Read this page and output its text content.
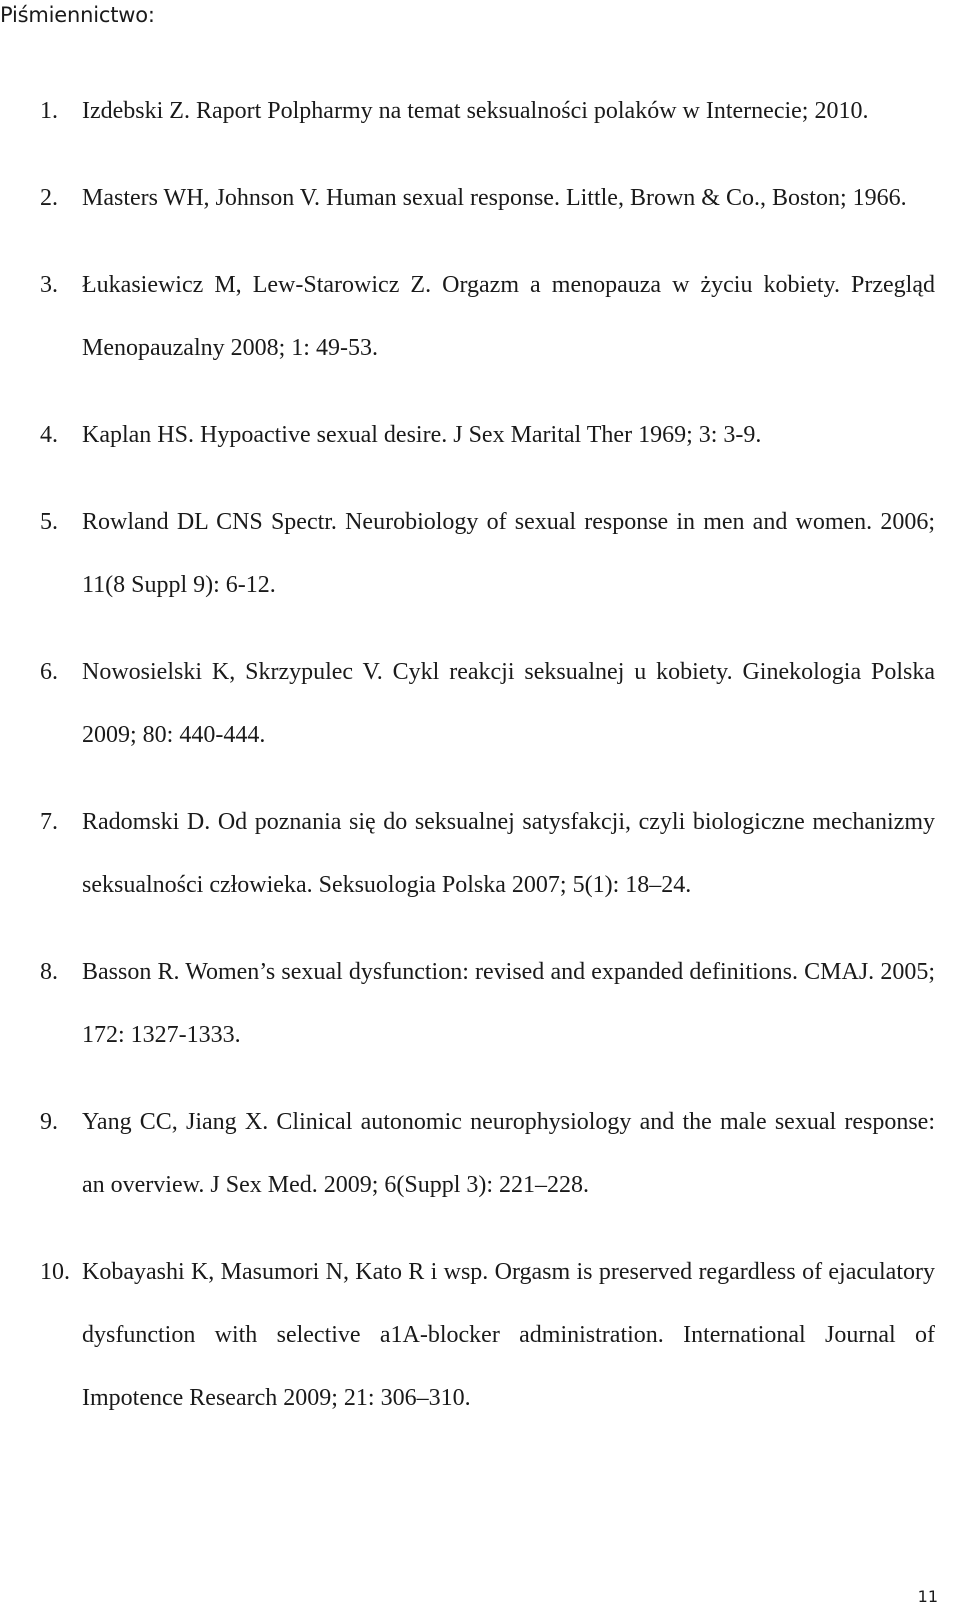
Piśmiennictwo:
1.	Izdebski Z. Raport Polpharmy na temat seksualności polaków w Internecie; 2010.
2.	Masters WH, Johnson V. Human sexual response. Little, Brown & Co., Boston; 1966.
3.	Łukasiewicz M, Lew-Starowicz Z. Orgazm a menopauza w życiu kobiety. Przegląd Menopauzalny 2008; 1: 49-53.
4.	Kaplan HS. Hypoactive sexual desire. J Sex Marital Ther 1969; 3: 3-9.
5.	Rowland DL CNS Spectr. Neurobiology of sexual response in men and women. 2006; 11(8 Suppl 9): 6-12.
6.	Nowosielski K, Skrzypulec V. Cykl reakcji seksualnej u kobiety. Ginekologia Polska 2009; 80: 440-444.
7.	Radomski D. Od poznania się do seksualnej satysfakcji, czyli biologiczne mechanizmy seksualności człowieka. Seksuologia Polska 2007; 5(1): 18–24.
8.	Basson R. Women’s sexual dysfunction: revised and expanded definitions. CMAJ. 2005; 172: 1327-1333.
9.	Yang CC, Jiang X. Clinical autonomic neurophysiology and the male sexual response: an overview. J Sex Med. 2009; 6(Suppl 3): 221–228.
10. Kobayashi K, Masumori N, Kato R i wsp. Orgasm is preserved regardless of ejaculatory dysfunction with selective a1A-blocker administration. International Journal of Impotence Research 2009; 21: 306–310.
11
